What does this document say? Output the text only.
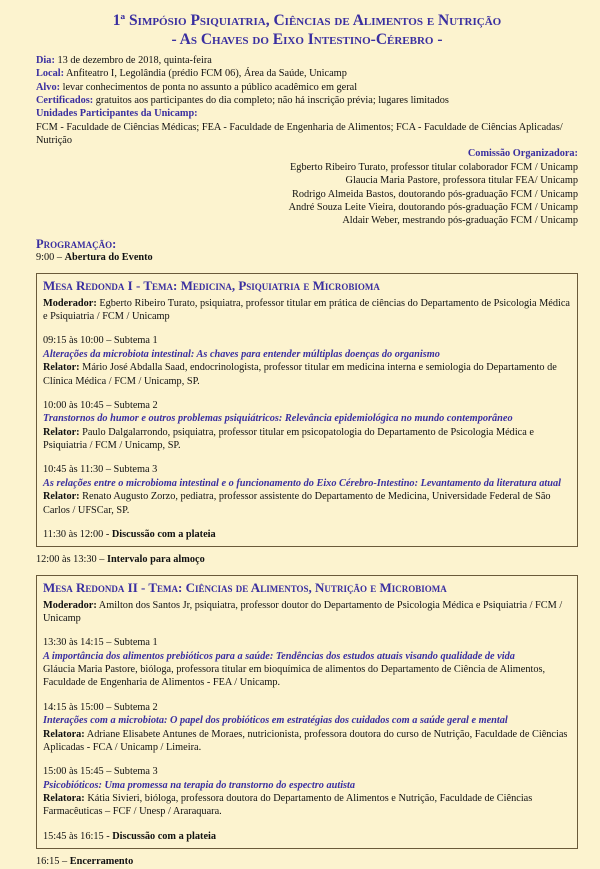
1ª Simpósio Psiquiatria, Ciências de Alimentos e Nutrição
- As Chaves do Eixo Intestino-Cérebro -

Dia: 13 de dezembro de 2018, quinta-feira

Local: Anfiteatro I, Legolândia (prédio FCM 06), Área da Saúde, Unicamp

Alvo: levar conhecimentos de ponta no assunto a público acadêmico em geral

Certificados: gratuitos aos participantes do dia completo; não há inscrição prévia; lugares limitados

Unidades Participantes da Unicamp:

FCM - Faculdade de Ciências Médicas; FEA - Faculdade de Engenharia de Alimentos; FCA - Faculdade de Ciências Aplicadas/ Nutrição

Comissão Organizadora:

Egberto Ribeiro Turato, professor titular colaborador FCM / Unicamp

Glaucia Maria Pastore, professora titular FEA/ Unicamp

Rodrigo Almeida Bastos, doutorando pós-graduação FCM / Unicamp

André Souza Leite Vieira, doutorando pós-graduação FCM / Unicamp

Aldair Weber, mestrando pós-graduação FCM / Unicamp

Programação:

9:00 – Abertura do Evento

Mesa Redonda I - Tema: Medicina, Psiquiatria e Microbioma

Moderador: Egberto Ribeiro Turato, psiquiatra, professor titular em prática de ciências do Departamento de Psicologia Médica e Psiquiatria / FCM / Unicamp

09:15 às 10:00 – Subtema 1

Alterações da microbiota intestinal: As chaves para entender múltiplas doenças do organismo

Relator: Mário José Abdalla Saad, endocrinologista, professor titular em medicina interna e semiologia do Departamento de Clínica Médica / FCM / Unicamp, SP.

10:00 às 10:45 – Subtema 2

Transtornos do humor e outros problemas psiquiátricos: Relevância epidemiológica no mundo contemporâneo

Relator: Paulo Dalgalarrondo, psiquiatra, professor titular em psicopatologia do Departamento de Psicologia Médica e Psiquiatria / FCM / Unicamp, SP.

10:45 às 11:30 – Subtema 3

As relações entre o microbioma intestinal e o funcionamento do Eixo Cérebro-Intestino: Levantamento da literatura atual

Relator: Renato Augusto Zorzo, pediatra, professor assistente do Departamento de Medicina, Universidade Federal de São Carlos / UFSCar, SP.

11:30 às 12:00 - Discussão com a plateia

12:00 às 13:30 – Intervalo para almoço

Mesa Redonda II - Tema: Ciências de Alimentos, Nutrição e Microbioma

Moderador: Amilton dos Santos Jr, psiquiatra, professor doutor do Departamento de Psicologia Médica e Psiquiatria / FCM / Unicamp

13:30 às 14:15 – Subtema 1

A importância dos alimentos prebióticos para a saúde: Tendências dos estudos atuais visando qualidade de vida

Gláucia Maria Pastore, bióloga, professora titular em bioquímica de alimentos do Departamento de Ciência de Alimentos, Faculdade de Engenharia de Alimentos - FEA / Unicamp.

14:15 às 15:00 – Subtema 2

Interações com a microbiota: O papel dos probióticos em estratégias dos cuidados com a saúde geral e mental

Relatora: Adriane Elisabete Antunes de Moraes, nutricionista, professora doutora do curso de Nutrição, Faculdade de Ciências Aplicadas - FCA / Unicamp / Limeira.

15:00 às 15:45 – Subtema 3

Psicobióticos: Uma promessa na terapia do transtorno do espectro autista

Relatora: Kátia Sivieri, bióloga, professora doutora do Departamento de Alimentos e Nutrição, Faculdade de Ciências Farmacêuticas – FCF / Unesp / Araraquara.

15:45 às 16:15 - Discussão com a plateia

16:15 – Encerramento
